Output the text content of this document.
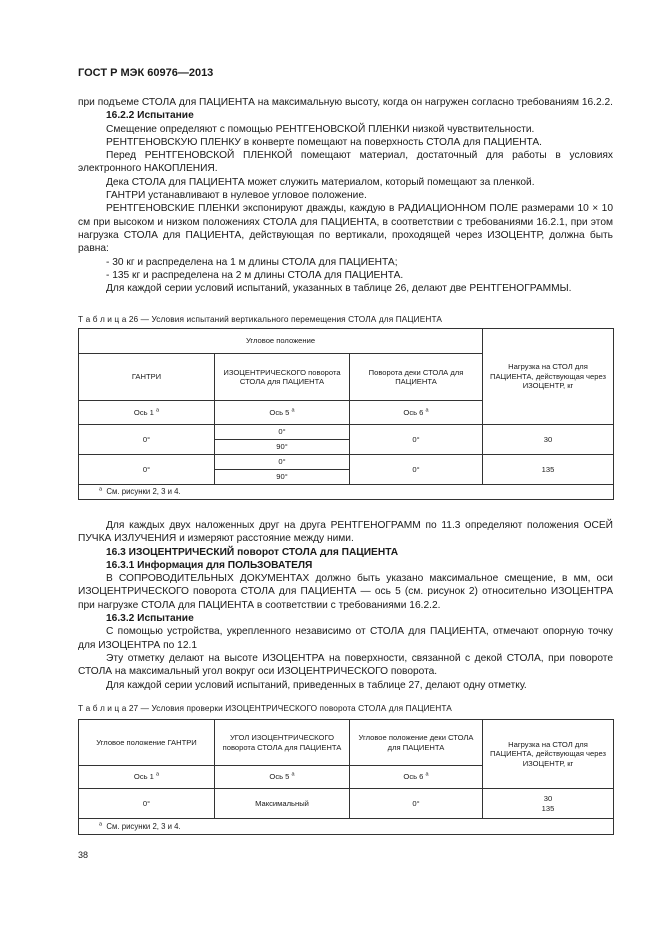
ГОСТ Р МЭК 60976—2013

при подъеме СТОЛА для ПАЦИЕНТА на максимальную высоту, когда он нагружен согласно требованиям 16.2.2.

16.2.2 Испытание

Смещение определяют с помощью РЕНТГЕНОВСКОЙ ПЛЕНКИ низкой чувствительности.

РЕНТГЕНОВСКУЮ ПЛЕНКУ в конверте помещают на поверхность СТОЛА для ПАЦИЕНТА.

Перед РЕНТГЕНОВСКОЙ ПЛЕНКОЙ помещают материал, достаточный для работы в условиях электронного НАКОПЛЕНИЯ.

Дека СТОЛА для ПАЦИЕНТА может служить материалом, который помещают за пленкой.

ГАНТРИ устанавливают в нулевое угловое положение.

РЕНТГЕНОВСКИЕ ПЛЕНКИ экспонируют дважды, каждую в РАДИАЦИОННОМ ПОЛЕ размерами 10 × 10 см при высоком и низком положениях СТОЛА для ПАЦИЕНТА, в соответствии с требованиями 16.2.1, при этом нагрузка СТОЛА для ПАЦИЕНТА, действующая по вертикали, проходящей через ИЗОЦЕНТР, должна быть равна:

- 30 кг и распределена на 1 м длины СТОЛА для ПАЦИЕНТА;

- 135 кг и распределена на 2 м длины СТОЛА для ПАЦИЕНТА.

Для каждой серии условий испытаний, указанных в таблице 26, делают две РЕНТГЕНОГРАММЫ.

Т а б л и ц а 26 — Условия испытаний вертикального перемещения СТОЛА для ПАЦИЕНТА
Угловое положение			Нагрузка на СТОЛ для ПАЦИЕНТА, действующая через ИЗОЦЕНТР, кг
ГАНТРИ	ИЗОЦЕНТРИЧЕСКОГО поворота СТОЛА для ПАЦИЕНТА	Поворота деки СТОЛА для ПАЦИЕНТА	
Ось 1 $^а$	Ось 5 $^а$	Ось 6 $^а$
0°	0°	0°	30
	90°		
0°	0°	0°	135
	90°		
$^а$ См. рисунки 2, 3 и 4.			

Для каждых двух наложенных друг на друга РЕНТГЕНОГРАММ по 11.3 определяют положения ОСЕЙ ПУЧКА ИЗЛУЧЕНИЯ и измеряют расстояние между ними.

16.3 ИЗОЦЕНТРИЧЕСКИЙ поворот СТОЛА для ПАЦИЕНТА

16.3.1 Информация для ПОЛЬЗОВАТЕЛЯ

В СОПРОВОДИТЕЛЬНЫХ ДОКУМЕНТАХ должно быть указано максимальное смещение, в мм, оси ИЗОЦЕНТРИЧЕСКОГО поворота СТОЛА для ПАЦИЕНТА — ось 5 (см. рисунок 2) относительно ИЗОЦЕНТРА при нагрузке СТОЛА для ПАЦИЕНТА в соответствии с требованиями 16.2.2.

16.3.2 Испытание

С помощью устройства, укрепленного независимо от СТОЛА для ПАЦИЕНТА, отмечают опорную точку для ИЗОЦЕНТРА по 12.1

Эту отметку делают на высоте ИЗОЦЕНТРА на поверхности, связанной с декой СТОЛА, при повороте СТОЛА на максимальный угол вокруг оси ИЗОЦЕНТРИЧЕСКОГО поворота.

Для каждой серии условий испытаний, приведенных в таблице 27, делают одну отметку.

Т а б л и ц а 27 — Условия проверки ИЗОЦЕНТРИЧЕСКОГО поворота СТОЛА для ПАЦИЕНТА
Угловое положение ГАНТРИ	УГОЛ ИЗОЦЕНТРИЧЕСКОГО поворота СТОЛА для ПАЦИЕНТА	Угловое положение деки СТОЛА для ПАЦИЕНТА	Нагрузка на СТОЛ для ПАЦИЕНТА, действующая через ИЗОЦЕНТР, кг
Ось 1 $^а$	Ось 5 $^а$	Ось 6 $^а$
0°	Максимальный	0°	30
135

$^а$ См. рисунки 2, 3 и 4.			
38
